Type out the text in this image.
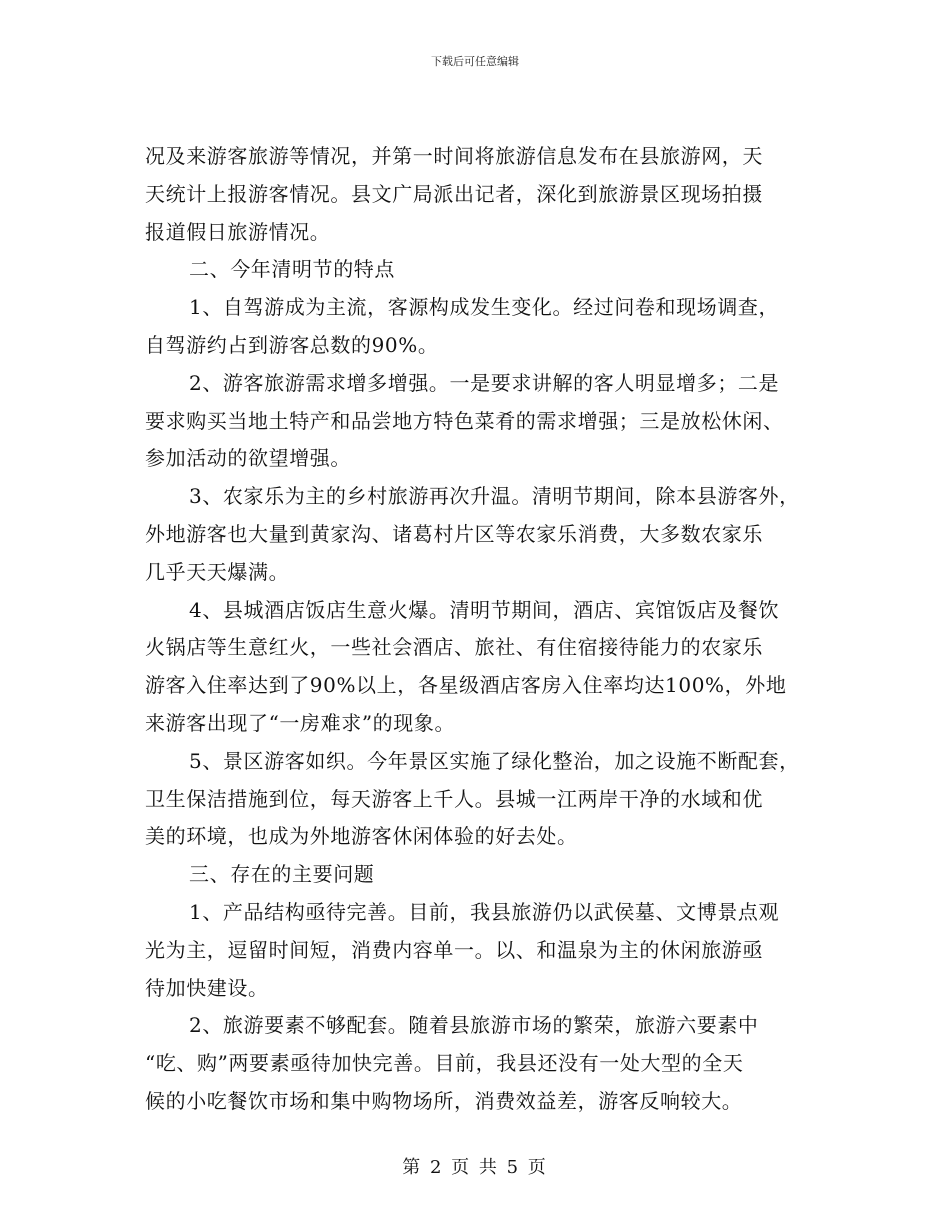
下载后可任意编辑
况及来游客旅游等情况，并第一时间将旅游信息发布在县旅游网，天
天统计上报游客情况。县文广局派出记者，深化到旅游景区现场拍摄
报道假日旅游情况。
二、今年清明节的特点
1、自驾游成为主流，客源构成发生变化。经过问卷和现场调查，
自驾游约占到游客总数的90%。
2、游客旅游需求增多增强。一是要求讲解的客人明显增多；二是
要求购买当地土特产和品尝地方特色菜肴的需求增强；三是放松休闲、
参加活动的欲望增强。
3、农家乐为主的乡村旅游再次升温。清明节期间，除本县游客外，
外地游客也大量到黄家沟、诸葛村片区等农家乐消费，大多数农家乐
几乎天天爆满。
4、县城酒店饭店生意火爆。清明节期间，酒店、宾馆饭店及餐饮
火锅店等生意红火，一些社会酒店、旅社、有住宿接待能力的农家乐
游客入住率达到了90%以上，各星级酒店客房入住率均达100%，外地
来游客出现了“一房难求”的现象。
5、景区游客如织。今年景区实施了绿化整治，加之设施不断配套，
卫生保洁措施到位，每天游客上千人。县城一江两岸干净的水域和优
美的环境，也成为外地游客休闲体验的好去处。
三、存在的主要问题
1、产品结构亟待完善。目前，我县旅游仍以武侯墓、文博景点观
光为主，逗留时间短，消费内容单一。以、和温泉为主的休闲旅游亟
待加快建设。
2、旅游要素不够配套。随着县旅游市场的繁荣，旅游六要素中
“吃、购”两要素亟待加快完善。目前，我县还没有一处大型的全天
候的小吃餐饮市场和集中购物场所，消费效益差，游客反响较大。
第 2 页 共 5 页
